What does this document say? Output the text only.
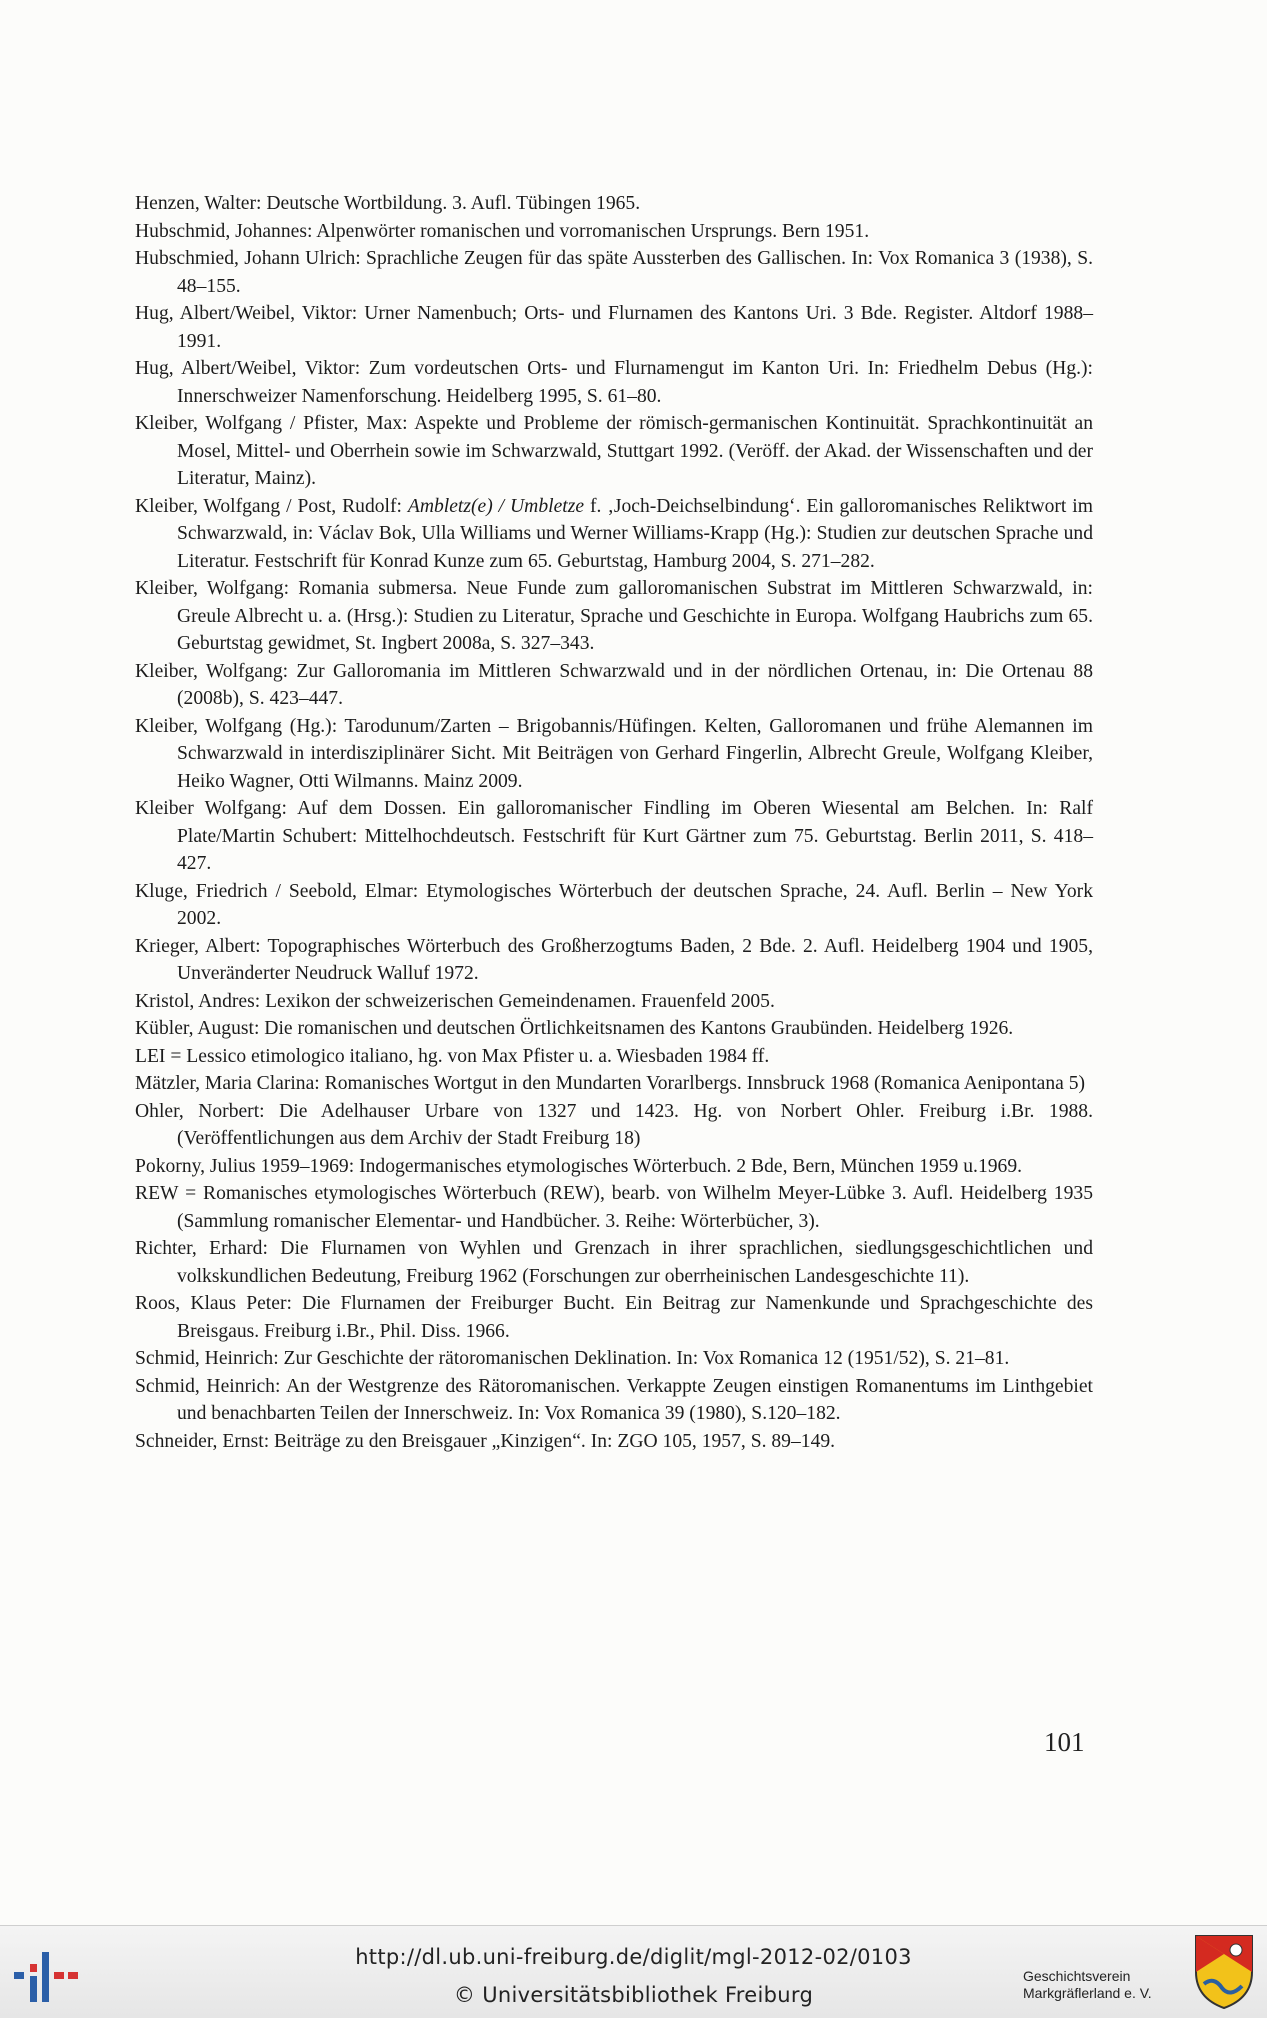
Henzen, Walter: Deutsche Wortbildung. 3. Aufl. Tübingen 1965.

Hubschmid, Johannes: Alpenwörter romanischen und vorromanischen Ursprungs. Bern 1951.

Hubschmied, Johann Ulrich: Sprachliche Zeugen für das späte Aussterben des Gallischen. In: Vox Romanica 3 (1938), S. 48–155.

Hug, Albert/Weibel, Viktor: Urner Namenbuch; Orts- und Flurnamen des Kantons Uri. 3 Bde. Register. Altdorf 1988–1991.

Hug, Albert/Weibel, Viktor: Zum vordeutschen Orts- und Flurnamengut im Kanton Uri. In: Friedhelm Debus (Hg.): Innerschweizer Namenforschung. Heidelberg 1995, S. 61–80.

Kleiber, Wolfgang / Pfister, Max: Aspekte und Probleme der römisch-germanischen Kontinuität. Sprachkontinuität an Mosel, Mittel- und Oberrhein sowie im Schwarzwald, Stuttgart 1992. (Veröff. der Akad. der Wissenschaften und der Literatur, Mainz).

Kleiber, Wolfgang / Post, Rudolf: Ambletz(e) / Umbletze f. ‚Joch-Deichselbindung‘. Ein galloromanisches Reliktwort im Schwarzwald, in: Václav Bok, Ulla Williams und Werner Williams-Krapp (Hg.): Studien zur deutschen Sprache und Literatur. Festschrift für Konrad Kunze zum 65. Geburtstag, Hamburg 2004, S. 271–282.

Kleiber, Wolfgang: Romania submersa. Neue Funde zum galloromanischen Substrat im Mittleren Schwarzwald, in: Greule Albrecht u. a. (Hrsg.): Studien zu Literatur, Sprache und Geschichte in Europa. Wolfgang Haubrichs zum 65. Geburtstag gewidmet, St. Ingbert 2008a, S. 327–343.

Kleiber, Wolfgang: Zur Galloromania im Mittleren Schwarzwald und in der nördlichen Ortenau, in: Die Ortenau 88 (2008b), S. 423–447.

Kleiber, Wolfgang (Hg.): Tarodunum/Zarten – Brigobannis/Hüfingen. Kelten, Galloromanen und frühe Alemannen im Schwarzwald in interdisziplinärer Sicht. Mit Beiträgen von Gerhard Fingerlin, Albrecht Greule, Wolfgang Kleiber, Heiko Wagner, Otti Wilmanns. Mainz 2009.

Kleiber Wolfgang: Auf dem Dossen. Ein galloromanischer Findling im Oberen Wiesental am Belchen. In: Ralf Plate/Martin Schubert: Mittelhochdeutsch. Festschrift für Kurt Gärtner zum 75. Geburtstag. Berlin 2011, S. 418–427.

Kluge, Friedrich / Seebold, Elmar: Etymologisches Wörterbuch der deutschen Sprache, 24. Aufl. Berlin – New York 2002.

Krieger, Albert: Topographisches Wörterbuch des Großherzogtums Baden, 2 Bde. 2. Aufl. Heidelberg 1904 und 1905, Unveränderter Neudruck Walluf 1972.

Kristol, Andres: Lexikon der schweizerischen Gemeindenamen. Frauenfeld 2005.

Kübler, August: Die romanischen und deutschen Örtlichkeitsnamen des Kantons Graubünden. Heidelberg 1926.

LEI = Lessico etimologico italiano, hg. von Max Pfister u. a. Wiesbaden 1984 ff.

Mätzler, Maria Clarina: Romanisches Wortgut in den Mundarten Vorarlbergs. Innsbruck 1968 (Romanica Aenipontana 5)

Ohler, Norbert: Die Adelhauser Urbare von 1327 und 1423. Hg. von Norbert Ohler. Freiburg i.Br. 1988. (Veröffentlichungen aus dem Archiv der Stadt Freiburg 18)

Pokorny, Julius 1959–1969: Indogermanisches etymologisches Wörterbuch. 2 Bde, Bern, München 1959 u.1969.

REW = Romanisches etymologisches Wörterbuch (REW), bearb. von Wilhelm Meyer-Lübke 3. Aufl. Heidelberg 1935 (Sammlung romanischer Elementar- und Handbücher. 3. Reihe: Wörterbücher, 3).

Richter, Erhard: Die Flurnamen von Wyhlen und Grenzach in ihrer sprachlichen, siedlungsgeschichtlichen und volkskundlichen Bedeutung, Freiburg 1962 (Forschungen zur oberrheinischen Landesgeschichte 11).

Roos, Klaus Peter: Die Flurnamen der Freiburger Bucht. Ein Beitrag zur Namenkunde und Sprachgeschichte des Breisgaus. Freiburg i.Br., Phil. Diss. 1966.

Schmid, Heinrich: Zur Geschichte der rätoromanischen Deklination. In: Vox Romanica 12 (1951/52), S. 21–81.

Schmid, Heinrich: An der Westgrenze des Rätoromanischen. Verkappte Zeugen einstigen Romanentums im Linthgebiet und benachbarten Teilen der Innerschweiz. In: Vox Romanica 39 (1980), S.120–182.

Schneider, Ernst: Beiträge zu den Breisgauer „Kinzigen“. In: ZGO 105, 1957, S. 89–149.

101
http://dl.ub.uni-freiburg.de/diglit/mgl-2012-02/0103
© Universitätsbibliothek Freiburg
Geschichtsverein
Markgräflerland e. V.
